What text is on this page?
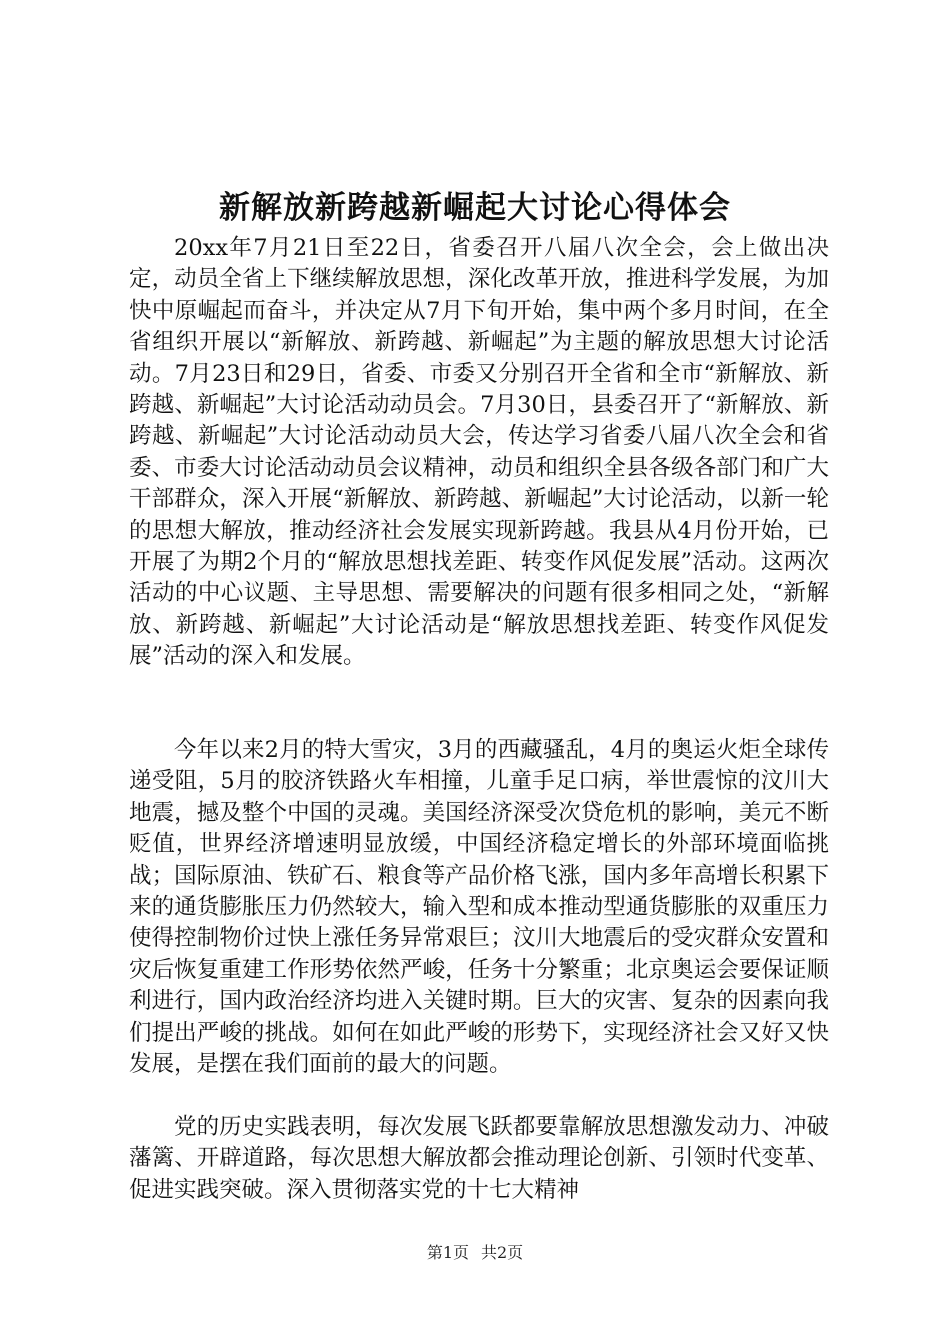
新解放新跨越新崛起大讨论心得体会

20xx年7月21日至22日，省委召开八届八次全会，会上做出决定，动员全省上下继续解放思想，深化改革开放，推进科学发展，为加快中原崛起而奋斗，并决定从7月下旬开始，集中两个多月时间，在全省组织开展以“新解放、新跨越、新崛起”为主题的解放思想大讨论活动。7月23日和29日，省委、市委又分别召开全省和全市“新解放、新跨越、新崛起”大讨论活动动员会。7月30日，县委召开了“新解放、新跨越、新崛起”大讨论活动动员大会，传达学习省委八届八次全会和省委、市委大讨论活动动员会议精神，动员和组织全县各级各部门和广大干部群众，深入开展“新解放、新跨越、新崛起”大讨论活动，以新一轮的思想大解放，推动经济社会发展实现新跨越。我县从4月份开始，已开展了为期2个月的“解放思想找差距、转变作风促发展”活动。这两次活动的中心议题、主导思想、需要解决的问题有很多相同之处，“新解放、新跨越、新崛起”大讨论活动是“解放思想找差距、转变作风促发展”活动的深入和发展。

今年以来2月的特大雪灾，3月的西藏骚乱，4月的奥运火炬全球传递受阻，5月的胶济铁路火车相撞，儿童手足口病，举世震惊的汶川大地震，撼及整个中国的灵魂。美国经济深受次贷危机的影响，美元不断贬值，世界经济增速明显放缓，中国经济稳定增长的外部环境面临挑战；国际原油、铁矿石、粮食等产品价格飞涨，国内多年高增长积累下来的通货膨胀压力仍然较大，输入型和成本推动型通货膨胀的双重压力使得控制物价过快上涨任务异常艰巨；汶川大地震后的受灾群众安置和灾后恢复重建工作形势依然严峻，任务十分繁重；北京奥运会要保证顺利进行，国内政治经济均进入关键时期。巨大的灾害、复杂的因素向我们提出严峻的挑战。如何在如此严峻的形势下，实现经济社会又好又快发展，是摆在我们面前的最大的问题。

党的历史实践表明，每次发展飞跃都要靠解放思想激发动力、冲破藩篱、开辟道路，每次思想大解放都会推动理论创新、引领时代变革、促进实践突破。深入贯彻落实党的十七大精神

第1页 共2页
